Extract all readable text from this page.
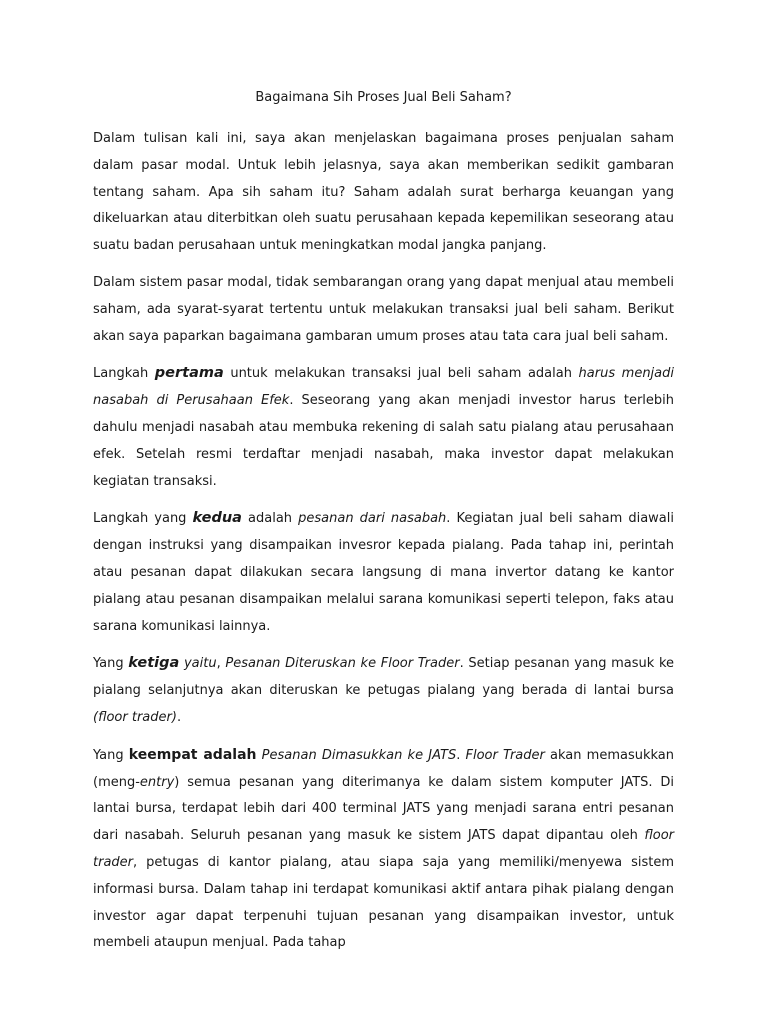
Bagaimana Sih Proses Jual Beli Saham?

Dalam tulisan kali ini, saya akan menjelaskan bagaimana proses penjualan saham dalam pasar modal. Untuk lebih jelasnya, saya akan memberikan sedikit gambaran tentang saham. Apa sih saham itu? Saham adalah surat berharga keuangan yang dikeluarkan atau diterbitkan oleh suatu perusahaan kepada kepemilikan seseorang atau suatu badan perusahaan untuk meningkatkan modal jangka panjang.

Dalam sistem pasar modal, tidak sembarangan orang yang dapat menjual atau membeli saham, ada syarat-syarat tertentu untuk melakukan transaksi jual beli saham. Berikut akan saya paparkan bagaimana gambaran umum proses atau tata cara jual beli saham.

Langkah pertama untuk melakukan transaksi jual beli saham adalah harus menjadi nasabah di Perusahaan Efek. Seseorang yang akan menjadi investor harus terlebih dahulu menjadi nasabah atau membuka rekening di salah satu pialang atau perusahaan efek. Setelah resmi terdaftar menjadi nasabah, maka investor dapat melakukan kegiatan transaksi.

Langkah yang kedua adalah pesanan dari nasabah. Kegiatan jual beli saham diawali dengan instruksi yang disampaikan invesror kepada pialang. Pada tahap ini, perintah atau pesanan dapat dilakukan secara langsung di mana invertor datang ke kantor pialang atau pesanan disampaikan melalui sarana komunikasi seperti telepon, faks atau sarana komunikasi lainnya.

Yang ketiga yaitu, Pesanan Diteruskan ke Floor Trader. Setiap pesanan yang masuk ke pialang selanjutnya akan diteruskan ke petugas pialang yang berada di lantai bursa (floor trader).

Yang keempat adalah Pesanan Dimasukkan ke JATS. Floor Trader akan memasukkan (meng-entry) semua pesanan yang diterimanya ke dalam sistem komputer JATS. Di lantai bursa, terdapat lebih dari 400 terminal JATS yang menjadi sarana entri pesanan dari nasabah. Seluruh pesanan yang masuk ke sistem JATS dapat dipantau oleh floor trader, petugas di kantor pialang, atau siapa saja yang memiliki/menyewa sistem informasi bursa. Dalam tahap ini terdapat komunikasi aktif antara pihak pialang dengan investor agar dapat terpenuhi tujuan pesanan yang disampaikan investor, untuk membeli ataupun menjual. Pada tahap
